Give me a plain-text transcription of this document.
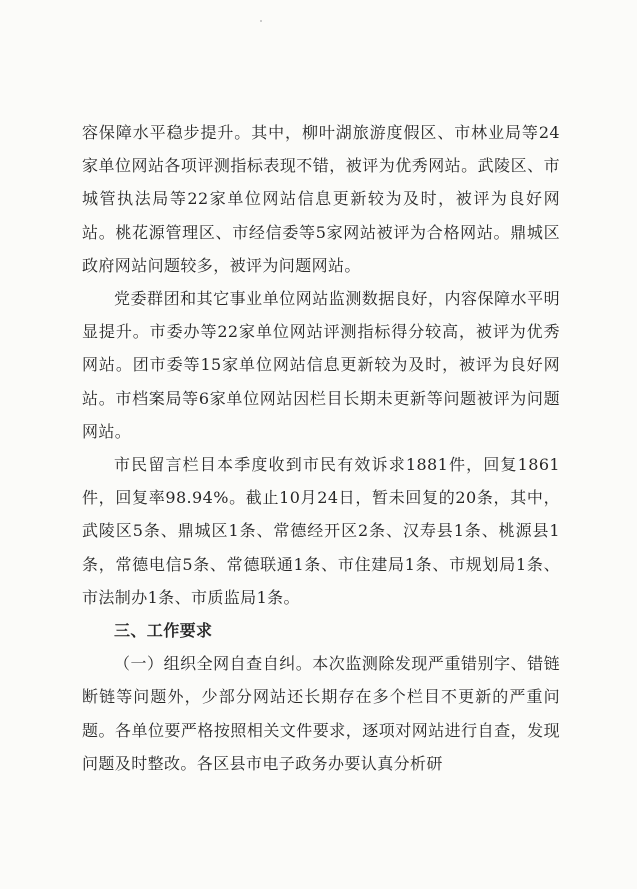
容保障水平稳步提升。其中，柳叶湖旅游度假区、市林业局等24家单位网站各项评测指标表现不错，被评为优秀网站。武陵区、市城管执法局等22家单位网站信息更新较为及时，被评为良好网站。桃花源管理区、市经信委等5家网站被评为合格网站。鼎城区政府网站问题较多，被评为问题网站。

党委群团和其它事业单位网站监测数据良好，内容保障水平明显提升。市委办等22家单位网站评测指标得分较高，被评为优秀网站。团市委等15家单位网站信息更新较为及时，被评为良好网站。市档案局等6家单位网站因栏目长期未更新等问题被评为问题网站。

市民留言栏目本季度收到市民有效诉求1881件，回复1861件，回复率98.94%。截止10月24日，暂未回复的20条，其中，武陵区5条、鼎城区1条、常德经开区2条、汉寿县1条、桃源县1条，常德电信5条、常德联通1条、市住建局1条、市规划局1条、市法制办1条、市质监局1条。

三、工作要求

（一）组织全网自查自纠。本次监测除发现严重错别字、错链断链等问题外，少部分网站还长期存在多个栏目不更新的严重问题。各单位要严格按照相关文件要求，逐项对网站进行自查，发现问题及时整改。各区县市电子政务办要认真分析研
